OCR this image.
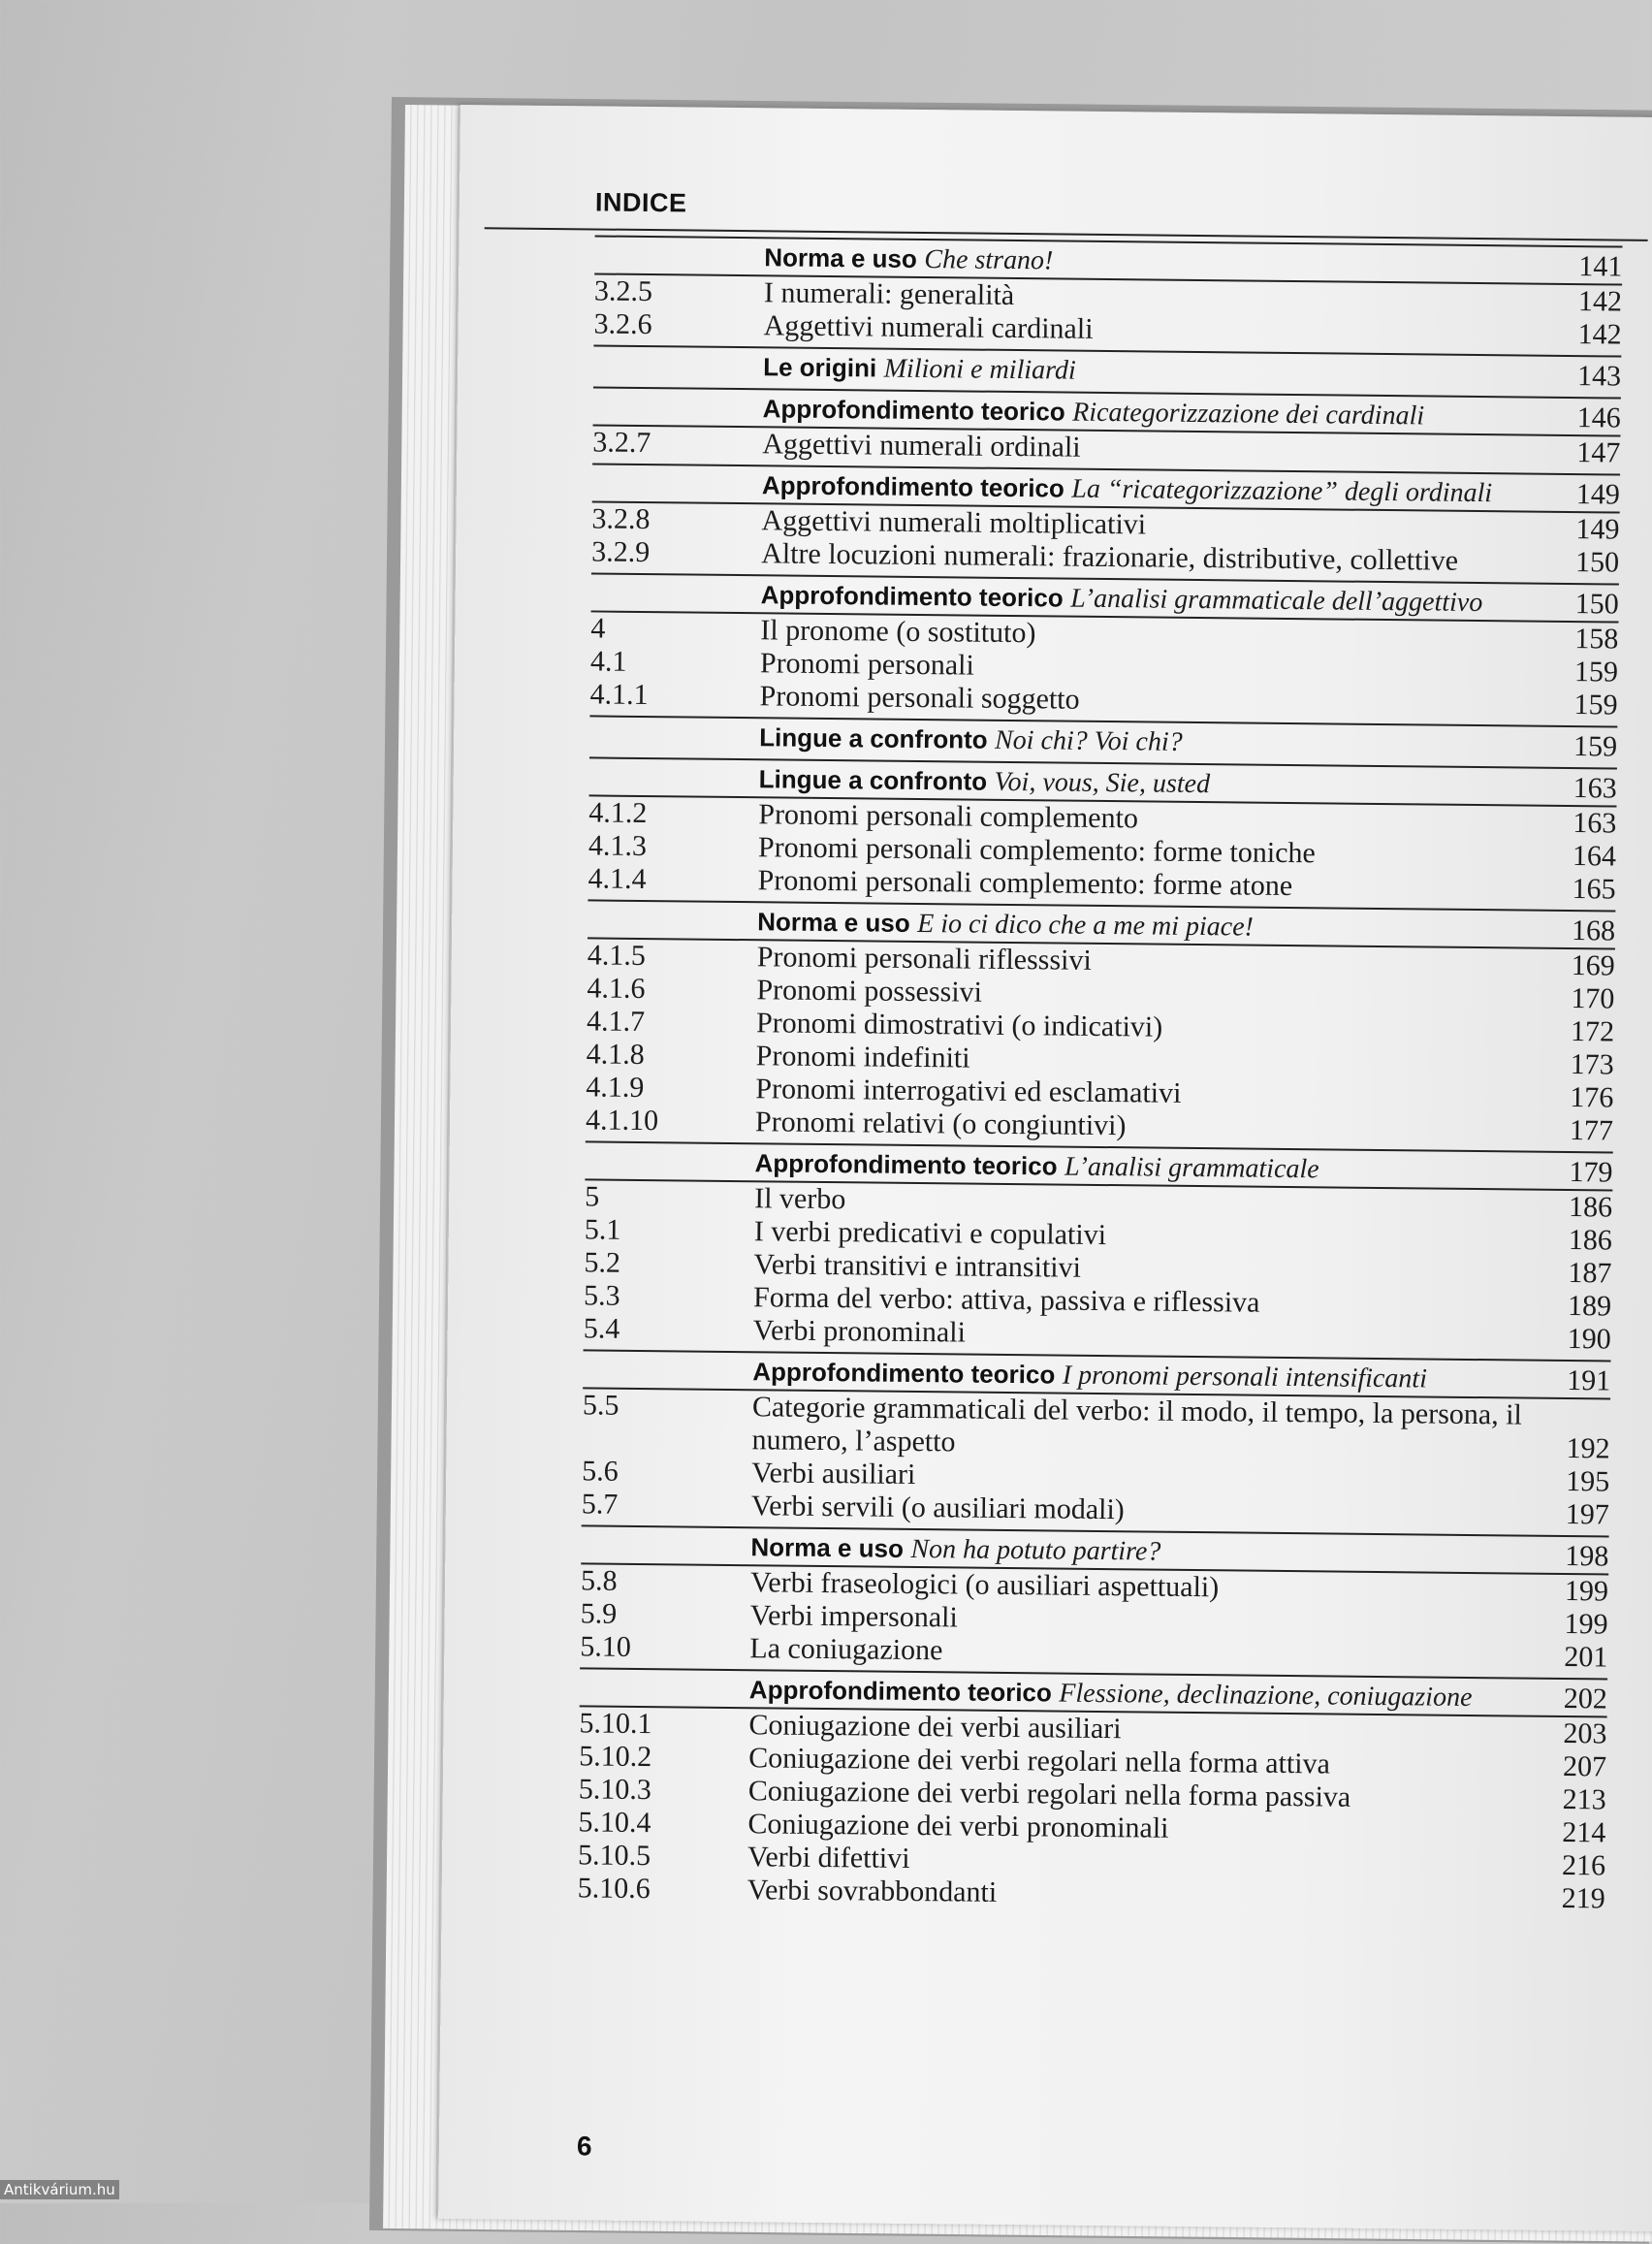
INDICE
Norma e uso Che strano!	141
3.2.5	I numerali: generalità	142
3.2.6	Aggettivi numerali cardinali	142
Le origini Milioni e miliardi	143
Approfondimento teorico Ricategorizzazione dei cardinali	146
3.2.7	Aggettivi numerali ordinali	147
Approfondimento teorico La “ricategorizzazione” degli ordinali	149
3.2.8	Aggettivi numerali moltiplicativi	149
3.2.9	Altre locuzioni numerali: frazionarie, distributive, collettive	150
Approfondimento teorico L’analisi grammaticale dell’aggettivo	150
4	Il pronome (o sostituto)	158
4.1	Pronomi personali	159
4.1.1	Pronomi personali soggetto	159
Lingue a confronto Noi chi? Voi chi?	159
Lingue a confronto Voi, vous, Sie, usted	163
4.1.2	Pronomi personali complemento	163
4.1.3	Pronomi personali complemento: forme toniche	164
4.1.4	Pronomi personali complemento: forme atone	165
Norma e uso E io ci dico che a me mi piace!	168
4.1.5	Pronomi personali riflesssivi	169
4.1.6	Pronomi possessivi	170
4.1.7	Pronomi dimostrativi (o indicativi)	172
4.1.8	Pronomi indefiniti	173
4.1.9	Pronomi interrogativi ed esclamativi	176
4.1.10	Pronomi relativi (o congiuntivi)	177
Approfondimento teorico L’analisi grammaticale	179
5	Il verbo	186
5.1	I verbi predicativi e copulativi	186
5.2	Verbi transitivi e intransitivi	187
5.3	Forma del verbo: attiva, passiva e riflessiva	189
5.4	Verbi pronominali	190
Approfondimento teorico I pronomi personali intensificanti	191
5.5	Categorie grammaticali del verbo: il modo, il tempo, la persona, il numero, l’aspetto	192
5.6	Verbi ausiliari	195
5.7	Verbi servili (o ausiliari modali)	197
Norma e uso Non ha potuto partire?	198
5.8	Verbi fraseologici (o ausiliari aspettuali)	199
5.9	Verbi impersonali	199
5.10	La coniugazione	201
Approfondimento teorico Flessione, declinazione, coniugazione	202
5.10.1	Coniugazione dei verbi ausiliari	203
5.10.2	Coniugazione dei verbi regolari nella forma attiva	207
5.10.3	Coniugazione dei verbi regolari nella forma passiva	213
5.10.4	Coniugazione dei verbi pronominali	214
5.10.5	Verbi difettivi	216
5.10.6	Verbi sovrabbondanti	219
6
Antikvárium.hu
